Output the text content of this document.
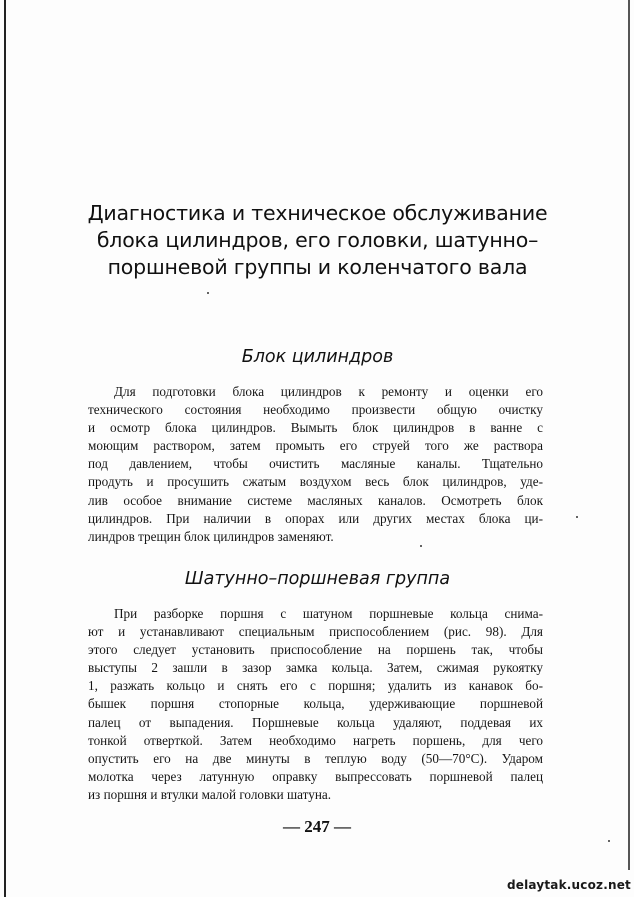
Диагностика и техническое обслуживание
блока цилиндров, его головки, шатунно–
поршневой группы и коленчатого вала
Блок цилиндров
Для подготовки блока цилиндров к ремонту и оценки его
технического состояния необходимо произвести общую очистку
и осмотр блока цилиндров. Вымыть блок цилиндров в ванне с
моющим раствором, затем промыть его струей того же раствора
под давлением, чтобы очистить масляные каналы. Тщательно
продуть и просушить сжатым воздухом весь блок цилиндров, уде-
лив особое внимание системе масляных каналов. Осмотреть блок
цилиндров. При наличии в опорах или других местах блока ци-
линдров трещин блок цилиндров заменяют.
Шатунно–поршневая группа
При разборке поршня с шатуном поршневые кольца снима-
ют и устанавливают специальным приспособлением (рис. 98). Для
этого следует установить приспособление на поршень так, чтобы
выступы 2 зашли в зазор замка кольца. Затем, сжимая рукоятку
1, разжать кольцо и снять его с поршня; удалить из канавок бо-
бышек поршня стопорные кольца, удерживающие поршневой
палец от выпадения. Поршневые кольца удаляют, поддевая их
тонкой отверткой. Затем необходимо нагреть поршень, для чего
опустить его на две минуты в теплую воду (50—70°С). Ударом
молотка через латунную оправку выпрессовать поршневой палец
из поршня и втулки малой головки шатуна.
— 247 —
delaytak.ucoz.net
